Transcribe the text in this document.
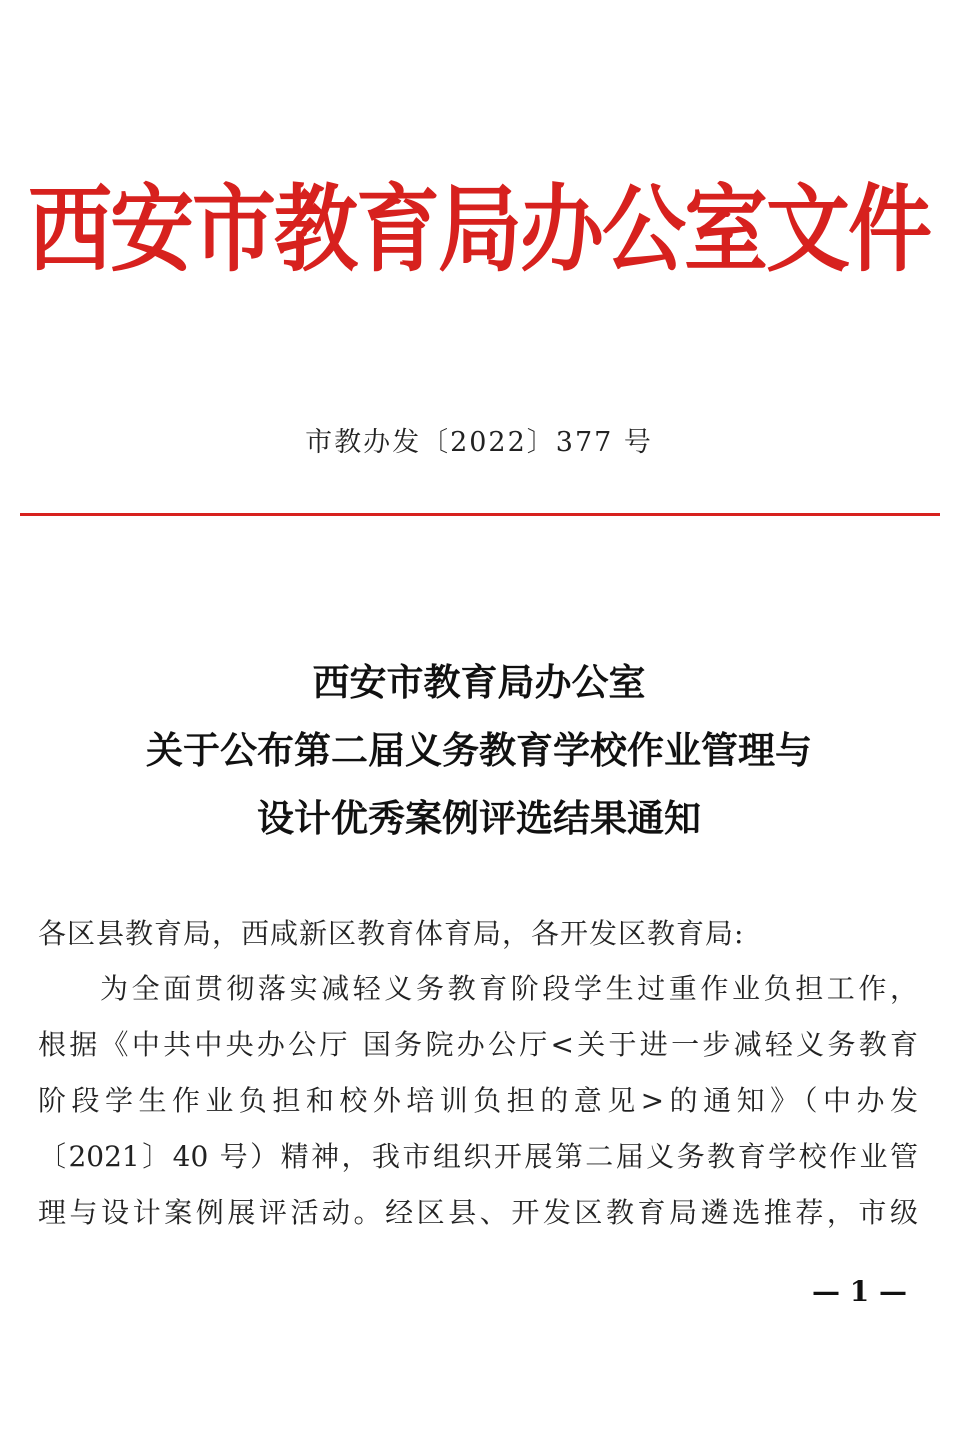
西安市教育局办公室文件
市教办发〔2022〕377 号
西安市教育局办公室
关于公布第二届义务教育学校作业管理与
设计优秀案例评选结果通知
各区县教育局，西咸新区教育体育局，各开发区教育局:
为全面贯彻落实减轻义务教育阶段学生过重作业负担工作，
根据《中共中央办公厅 国务院办公厅<关于进一步减轻义务教育
阶段学生作业负担和校外培训负担的意见>的通知》（中办发
〔2021〕40 号）精神，我市组织开展第二届义务教育学校作业管
理与设计案例展评活动。经区县、开发区教育局遴选推荐，市级
— 1 —
